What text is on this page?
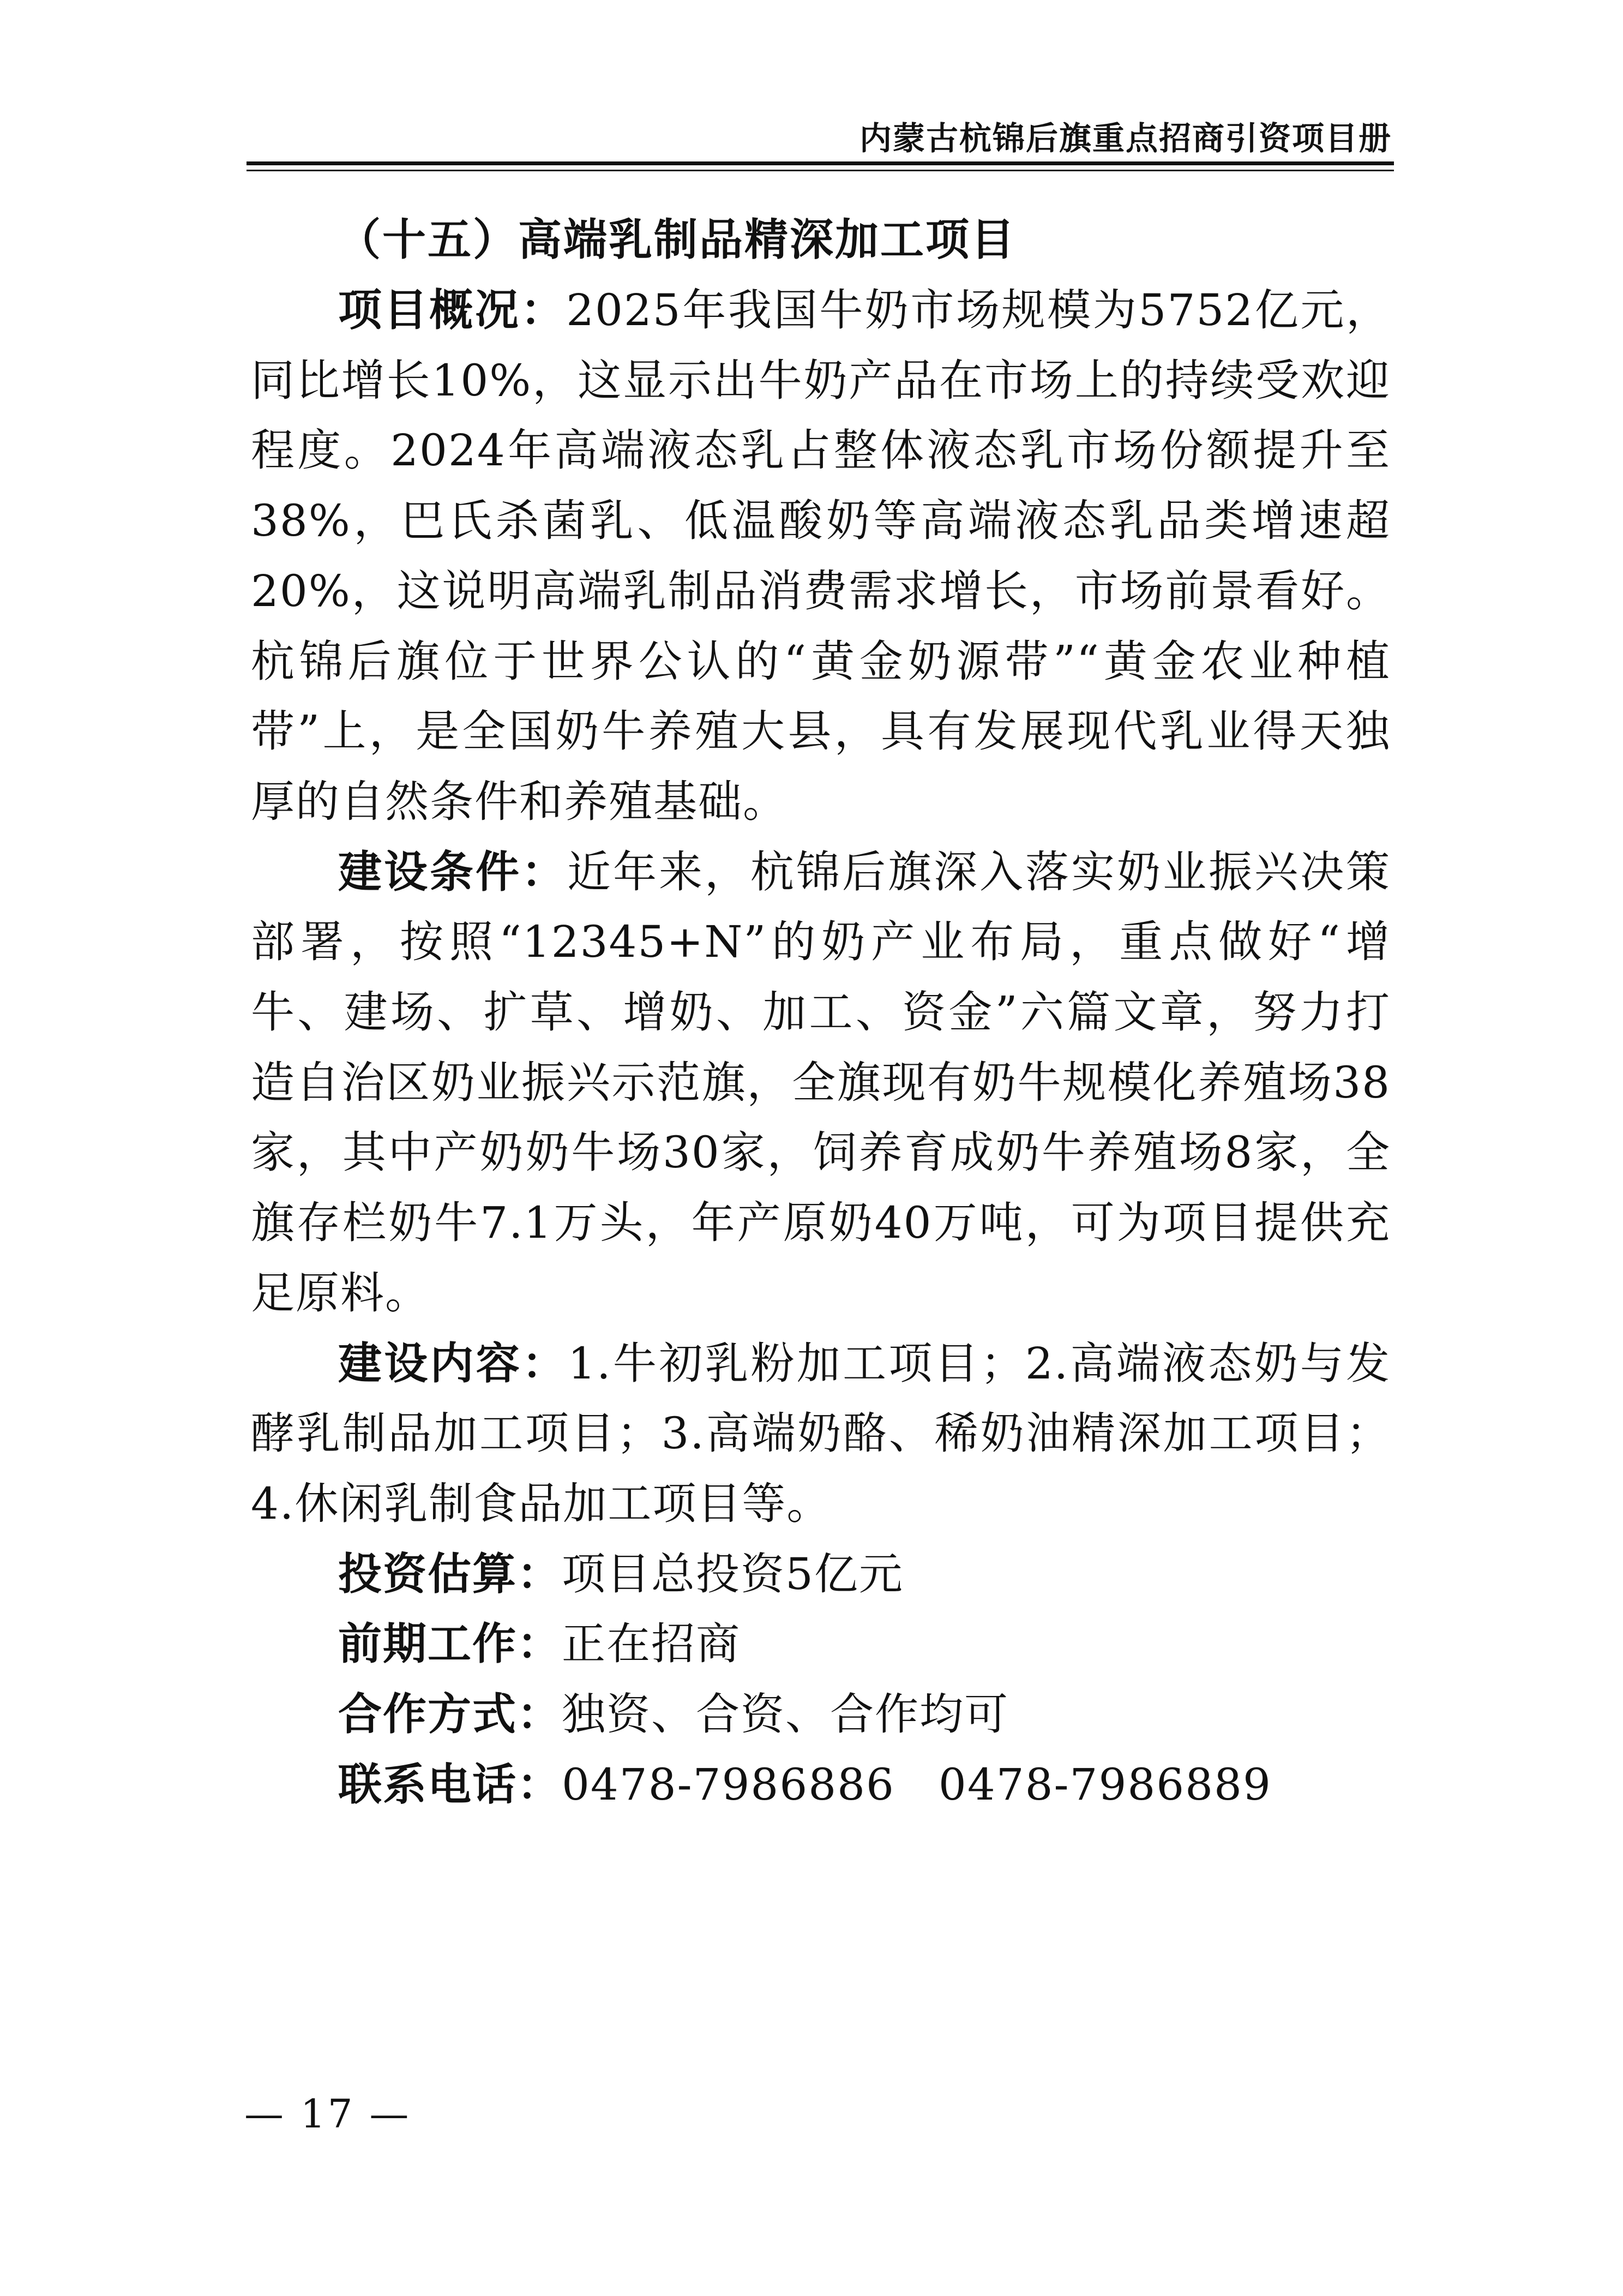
内蒙古杭锦后旗重点招商引资项目册
（十五）高端乳制品精深加工项目

项目概况：2025年我国牛奶市场规模为5752亿元，同比增长10%，这显示出牛奶产品在市场上的持续受欢迎程度。2024年高端液态乳占整体液态乳市场份额提升至38%，巴氏杀菌乳、低温酸奶等高端液态乳品类增速超20%，这说明高端乳制品消费需求增长，市场前景看好。杭锦后旗位于世界公认的“黄金奶源带”“黄金农业种植带”上，是全国奶牛养殖大县，具有发展现代乳业得天独厚的自然条件和养殖基础。

建设条件：近年来，杭锦后旗深入落实奶业振兴决策部署，按照“12345+N”的奶产业布局，重点做好“增牛、建场、扩草、增奶、加工、资金”六篇文章，努力打造自治区奶业振兴示范旗，全旗现有奶牛规模化养殖场38家，其中产奶奶牛场30家，饲养育成奶牛养殖场8家，全旗存栏奶牛7.1万头，年产原奶40万吨，可为项目提供充足原料。

建设内容：1.牛初乳粉加工项目；2.高端液态奶与发酵乳制品加工项目；3.高端奶酪、稀奶油精深加工项目；4.休闲乳制食品加工项目等。

投资估算：项目总投资5亿元

前期工作：正在招商

合作方式：独资、合资、合作均可

联系电话：0478-7986886 0478-7986889

— 17 —
